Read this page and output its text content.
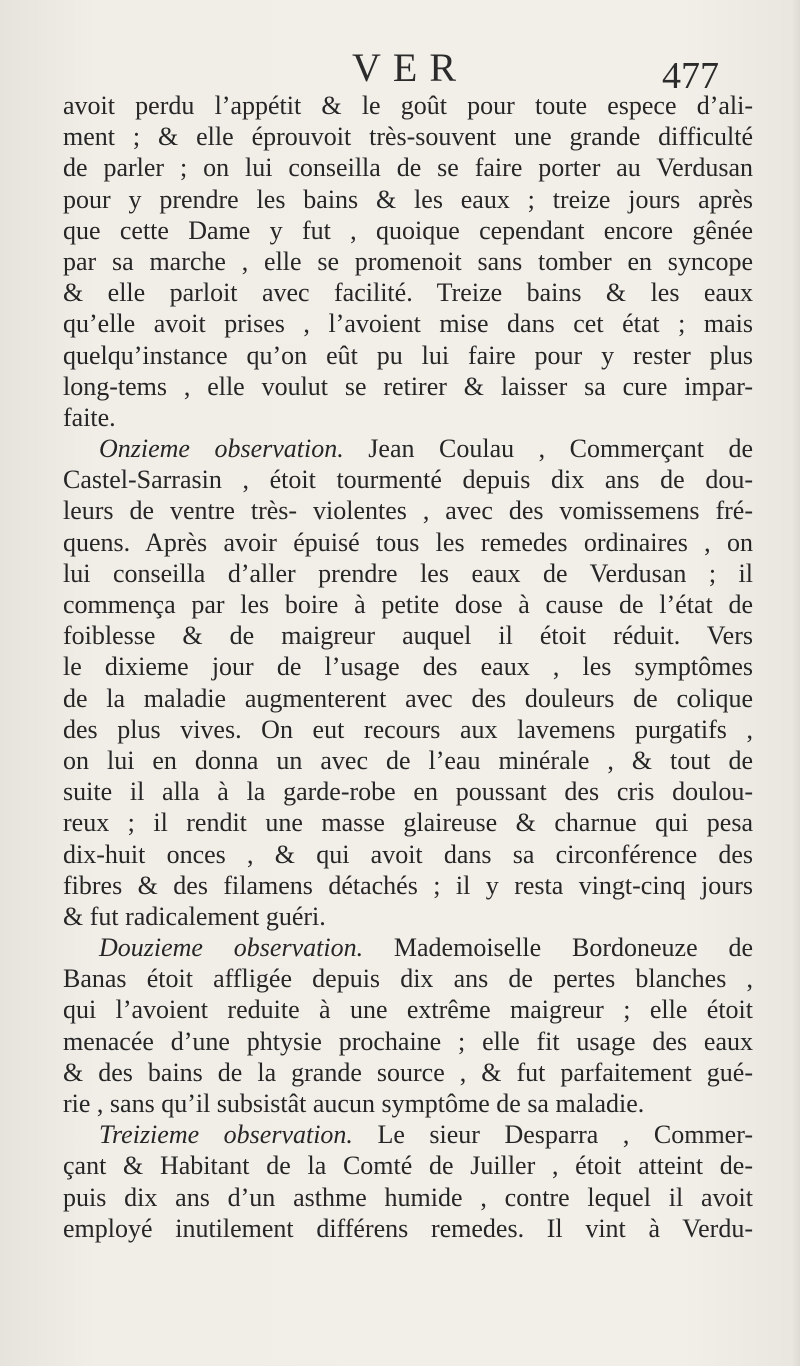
VER	477
avoit perdu l’appétit & le goût pour toute espece d’ali-
ment ; & elle éprouvoit très-souvent une grande difficulté
de parler ; on lui conseilla de se faire porter au Verdusan
pour y prendre les bains & les eaux ; treize jours après
que cette Dame y fut , quoique cependant encore gênée
par sa marche , elle se promenoit sans tomber en syncope
& elle parloit avec facilité. Treize bains & les eaux
qu’elle avoit prises , l’avoient mise dans cet état ; mais
quelqu’instance qu’on eût pu lui faire pour y rester plus
long-tems , elle voulut se retirer & laisser sa cure impar-
faite.
Onzieme observation. Jean Coulau , Commerçant de
Castel-Sarrasin , étoit tourmenté depuis dix ans de dou-
leurs de ventre très- violentes , avec des vomissemens fré-
quens. Après avoir épuisé tous les remedes ordinaires , on
lui conseilla d’aller prendre les eaux de Verdusan ; il
commença par les boire à petite dose à cause de l’état de
foiblesse & de maigreur auquel il étoit réduit. Vers
le dixieme jour de l’usage des eaux , les symptômes
de la maladie augmenterent avec des douleurs de colique
des plus vives. On eut recours aux lavemens purgatifs ,
on lui en donna un avec de l’eau minérale , & tout de
suite il alla à la garde-robe en poussant des cris doulou-
reux ; il rendit une masse glaireuse & charnue qui pesa
dix-huit onces , & qui avoit dans sa circonférence des
fibres & des filamens détachés ; il y resta vingt-cinq jours
& fut radicalement guéri.
Douzieme observation. Mademoiselle Bordoneuze de
Banas étoit affligée depuis dix ans de pertes blanches ,
qui l’avoient reduite à une extrême maigreur ; elle étoit
menacée d’une phtysie prochaine ; elle fit usage des eaux
& des bains de la grande source , & fut parfaitement gué-
rie , sans qu’il subsistât aucun symptôme de sa maladie.
Treizieme observation. Le sieur Desparra , Commer-
çant & Habitant de la Comté de Juiller , étoit atteint de-
puis dix ans d’un asthme humide , contre lequel il avoit
employé inutilement différens remedes. Il vint à Verdu-
